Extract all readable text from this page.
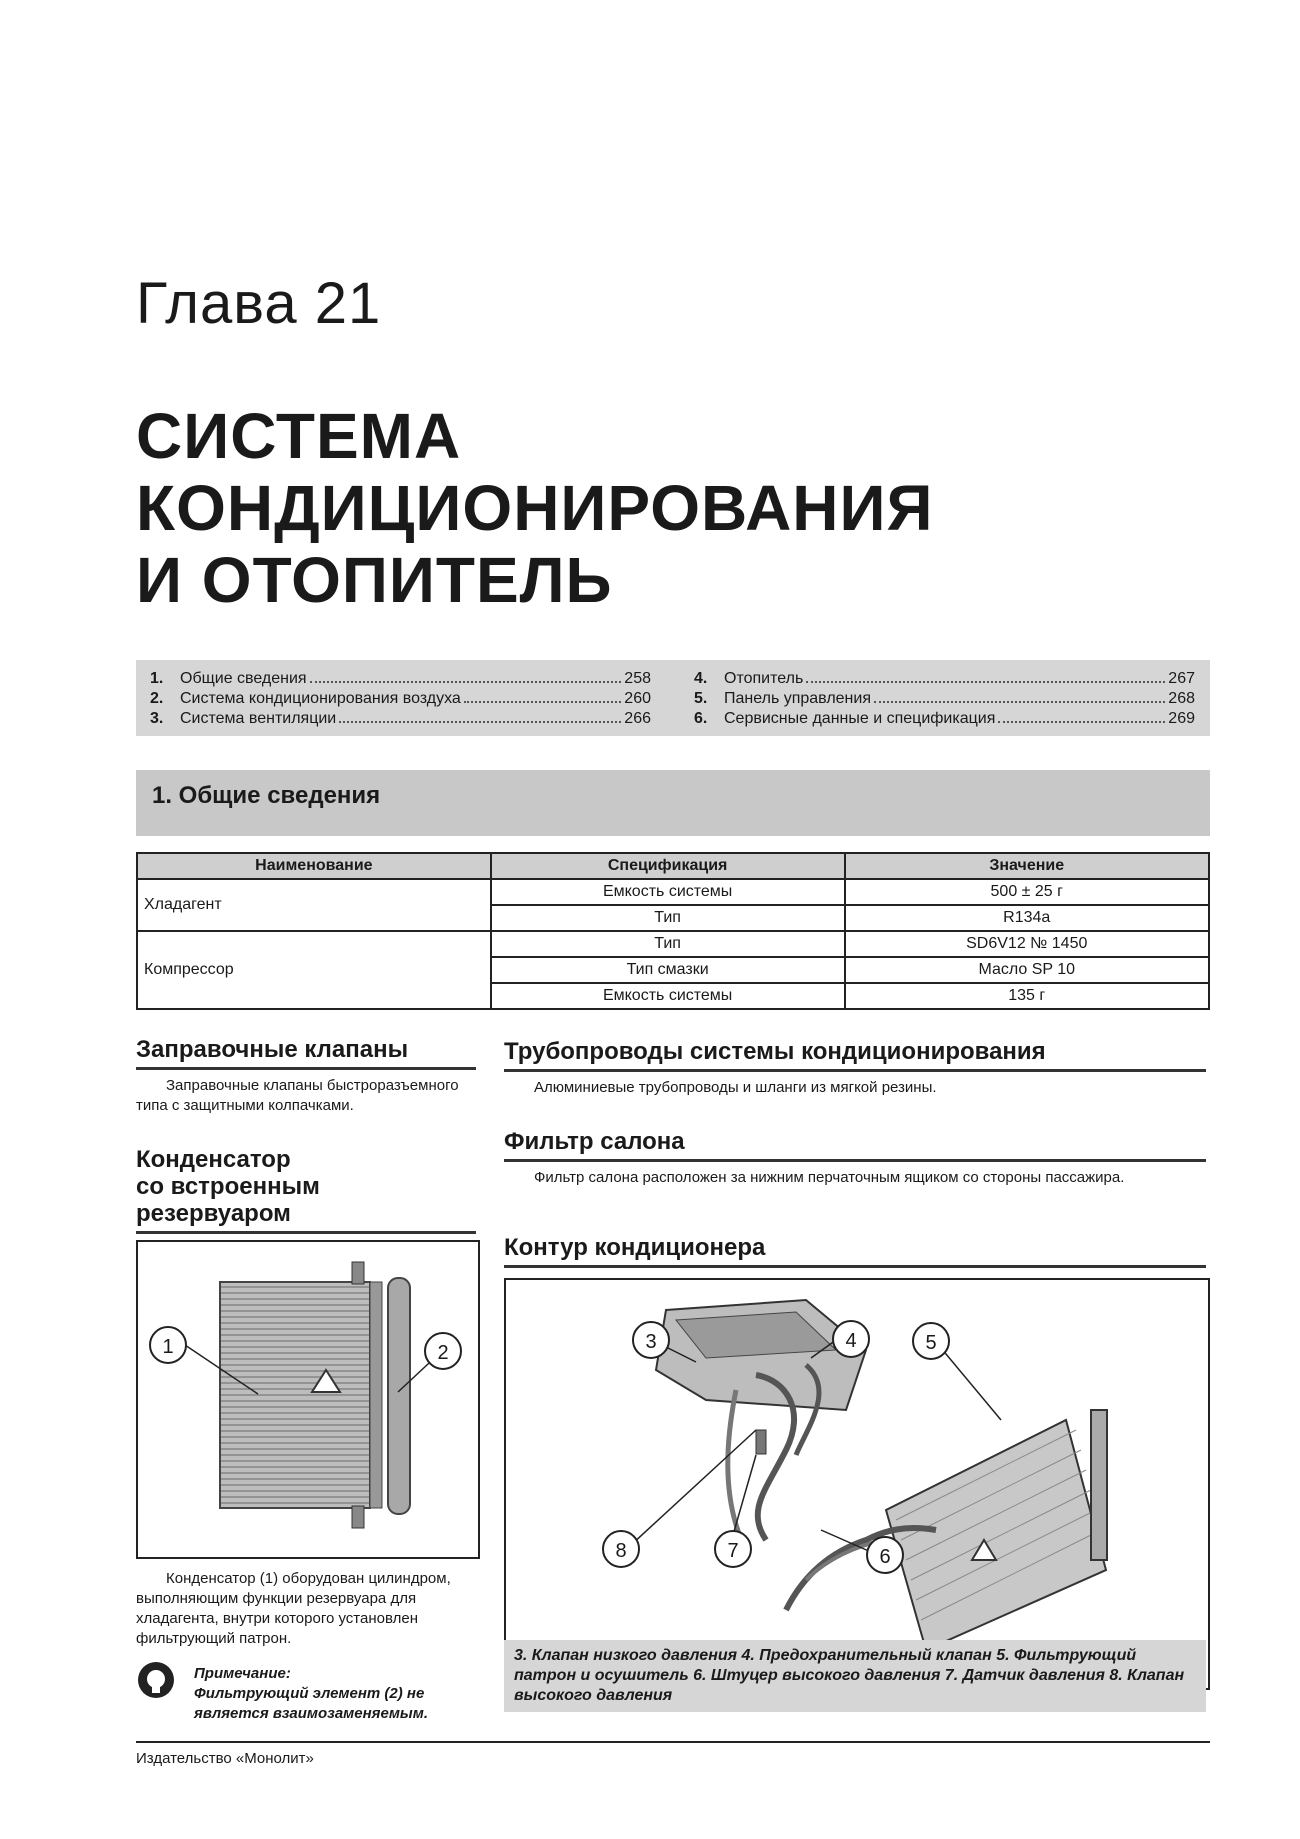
Глава 21
СИСТЕМА
КОНДИЦИОНИРОВАНИЯ
И ОТОПИТЕЛЬ
1.	Общие сведения	258
2.	Система кондиционирования воздуха	260
3.	Система вентиляции	266
4.	Отопитель	267
5.	Панель управления	268
6.	Сервисные данные и спецификация	269
1. Общие сведения
Наименование	Спецификация	Значение
Хладагент	Емкость системы	500 ± 25 г
	Тип	R134a
Компрессор	Тип	SD6V12 № 1450
	Тип смазки	Масло SP 10
	Емкость системы	135 г
Заправочные клапаны
Заправочные клапаны быстроразъемного типа с защитными колпачками.
Конденсатор
со встроенным
резервуаром
1	2
Конденсатор (1) оборудован цилиндром, выполняющим функции резервуара для хладагента, внутри которого установлен фильтрующий патрон.
Примечание:
Фильтрующий элемент (2) не является взаимозаменяемым.
Трубопроводы системы кондиционирования
Алюминиевые трубопроводы и шланги из мягкой резины.
Фильтр салона
Фильтр салона расположен за нижним перчаточным ящиком со стороны пассажира.
Контур кондиционера
3	4	5
6
7
8
3. Клапан низкого давления 4. Предохранительный клапан 5. Фильтрующий патрон и осушитель 6. Штуцер высокого давления 7. Датчик давления 8. Клапан высокого давления
Издательство «Монолит»
